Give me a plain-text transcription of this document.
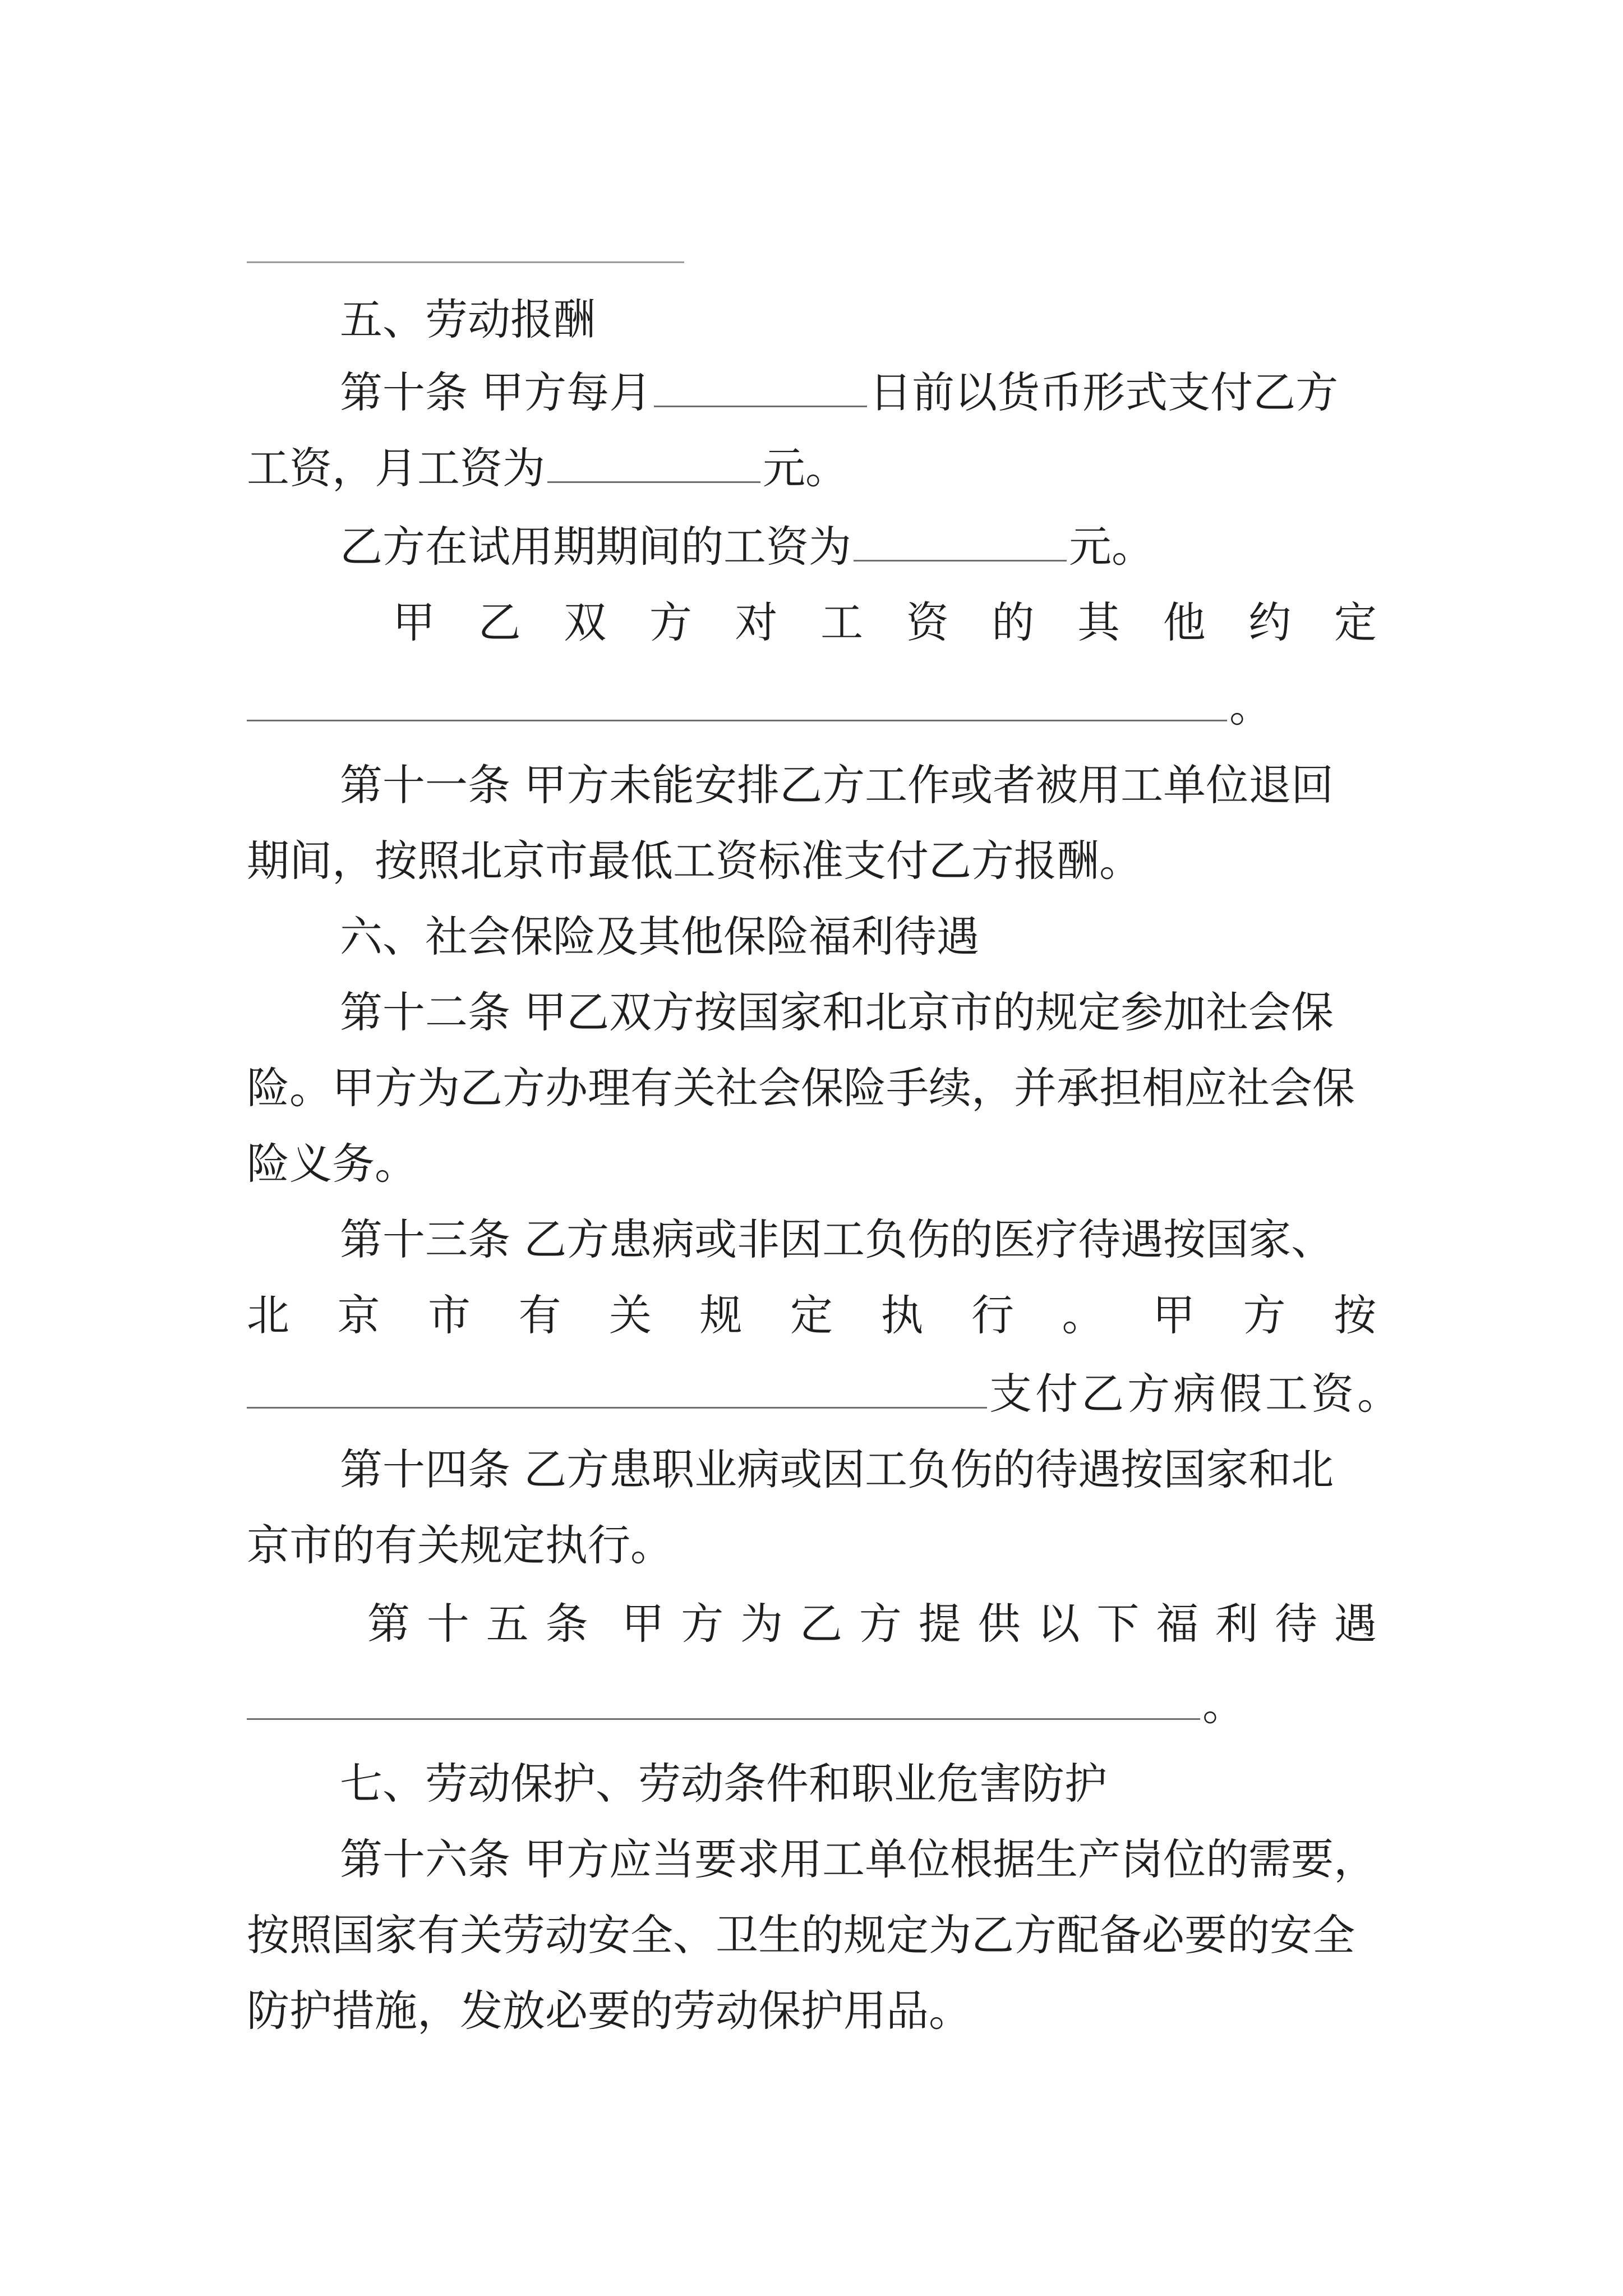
五、劳动报酬
第十条 甲方每月	日前以货币形式支付乙方
工资，月工资为	元。
乙方在试用期期间的工资为	元。
甲 乙 双 方 对 工 资 的 其 他 约 定
。
第十一条 甲方未能安排乙方工作或者被用工单位退回
期间，按照北京市最低工资标准支付乙方报酬。
六、社会保险及其他保险福利待遇
第十二条 甲乙双方按国家和北京市的规定参加社会保
险。甲方为乙方办理有关社会保险手续，并承担相应社会保
险义务。
第十三条 乙方患病或非因工负伤的医疗待遇按国家、
北 京 市 有 关 规 定 执 行 。 甲 方 按
支付乙方病假工资。
第十四条 乙方患职业病或因工负伤的待遇按国家和北
京市的有关规定执行。
第 十 五 条 甲 方 为 乙 方 提 供 以 下 福 利 待 遇
。
七、劳动保护、劳动条件和职业危害防护
第十六条 甲方应当要求用工单位根据生产岗位的需要，
按照国家有关劳动安全、卫生的规定为乙方配备必要的安全
防护措施，发放必要的劳动保护用品。
